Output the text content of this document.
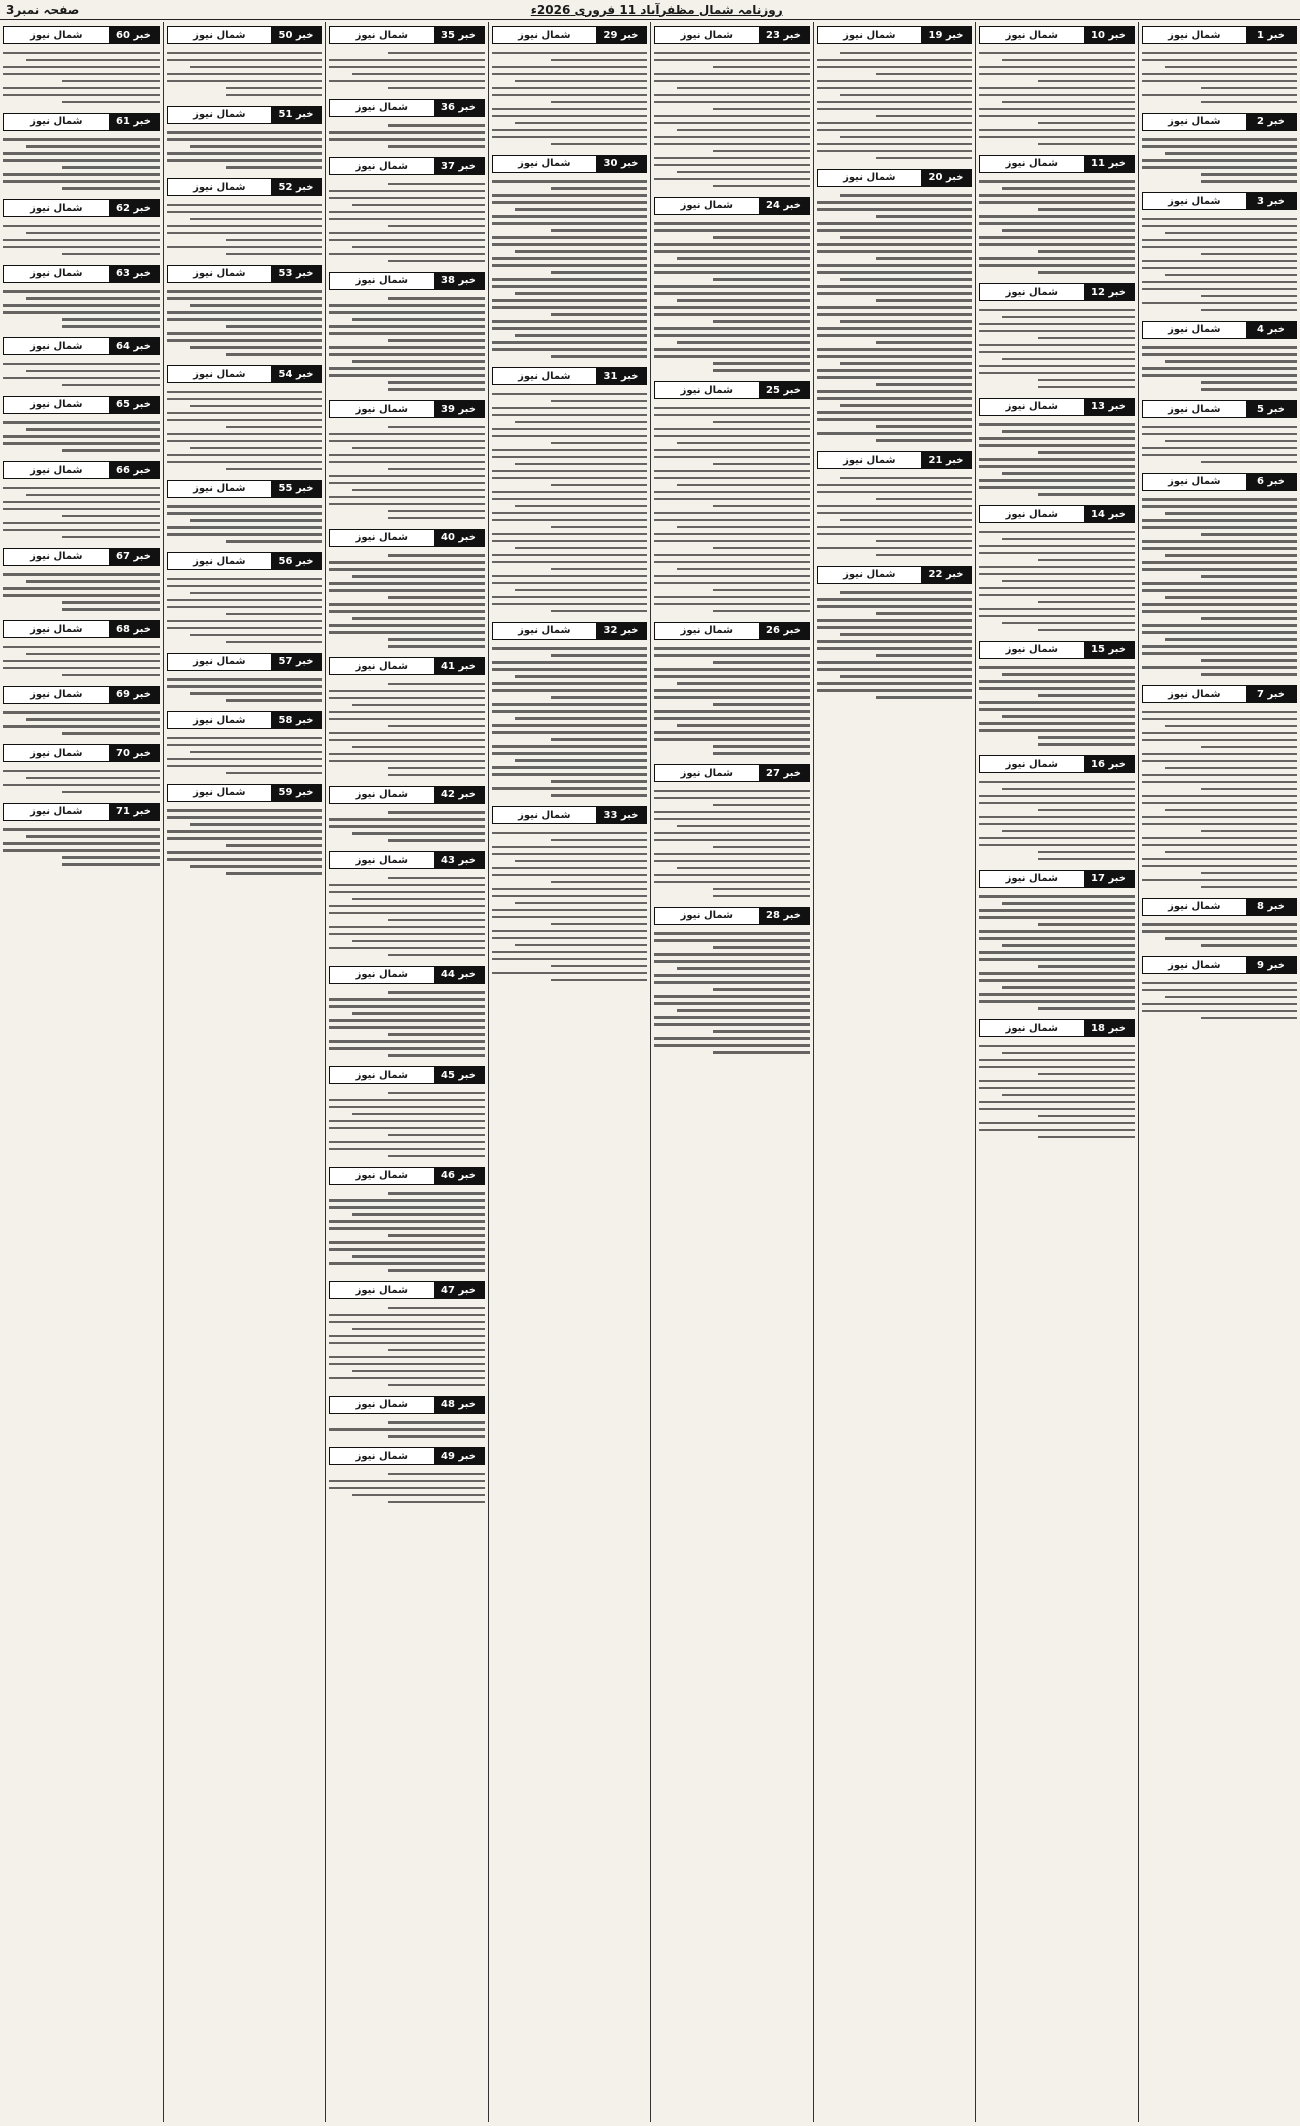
صفحہ نمبر3	روزنامہ شمال مظفرآباد 11 فروری 2026ء
خبر 1
شمال نیوز
خبر 2
شمال نیوز
خبر 3
شمال نیوز
خبر 4
شمال نیوز
خبر 5
شمال نیوز
خبر 6
شمال نیوز
خبر 7
شمال نیوز
خبر 8
شمال نیوز
خبر 9
شمال نیوز
خبر 10
شمال نیوز
خبر 11
شمال نیوز
خبر 12
شمال نیوز
خبر 13
شمال نیوز
خبر 14
شمال نیوز
خبر 15
شمال نیوز
خبر 16
شمال نیوز
خبر 17
شمال نیوز
خبر 18
شمال نیوز
خبر 19
شمال نیوز
خبر 20
شمال نیوز
خبر 21
شمال نیوز
خبر 22
شمال نیوز
خبر 23
شمال نیوز
خبر 24
شمال نیوز
خبر 25
شمال نیوز
خبر 26
شمال نیوز
خبر 27
شمال نیوز
خبر 28
شمال نیوز
خبر 29
شمال نیوز
خبر 30
شمال نیوز
خبر 31
شمال نیوز
خبر 32
شمال نیوز
خبر 33
شمال نیوز
خبر 35
شمال نیوز
خبر 36
شمال نیوز
خبر 37
شمال نیوز
خبر 38
شمال نیوز
خبر 39
شمال نیوز
خبر 40
شمال نیوز
خبر 41
شمال نیوز
خبر 42
شمال نیوز
خبر 43
شمال نیوز
خبر 44
شمال نیوز
خبر 45
شمال نیوز
خبر 46
شمال نیوز
خبر 47
شمال نیوز
خبر 48
شمال نیوز
خبر 49
شمال نیوز
خبر 50
شمال نیوز
خبر 51
شمال نیوز
خبر 52
شمال نیوز
خبر 53
شمال نیوز
خبر 54
شمال نیوز
خبر 55
شمال نیوز
خبر 56
شمال نیوز
خبر 57
شمال نیوز
خبر 58
شمال نیوز
خبر 59
شمال نیوز
خبر 60
شمال نیوز
خبر 61
شمال نیوز
خبر 62
شمال نیوز
خبر 63
شمال نیوز
خبر 64
شمال نیوز
خبر 65
شمال نیوز
خبر 66
شمال نیوز
خبر 67
شمال نیوز
خبر 68
شمال نیوز
خبر 69
شمال نیوز
خبر 70
شمال نیوز
خبر 71
شمال نیوز
